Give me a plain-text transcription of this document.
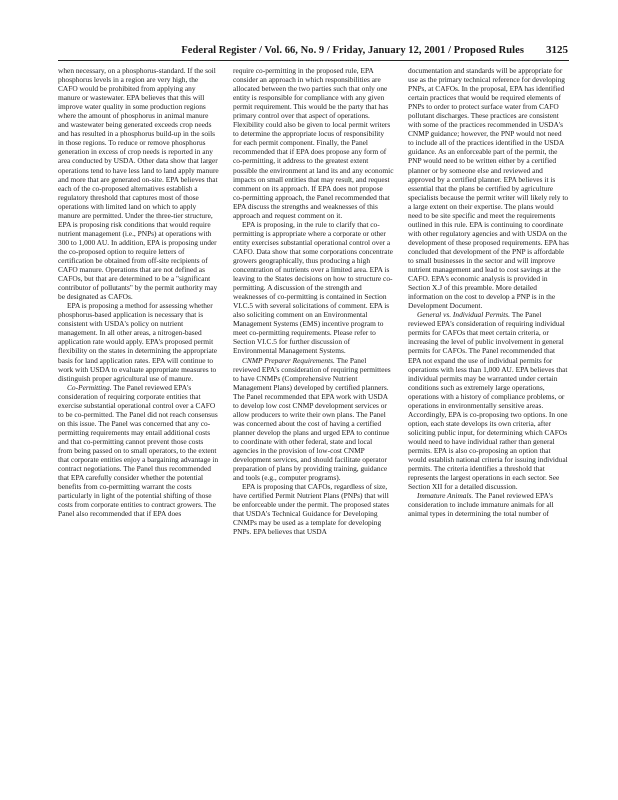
Federal Register / Vol. 66, No. 9 / Friday, January 12, 2001 / Proposed Rules 3125

when necessary, on a phosphorus-standard. If the soil phosphorus levels in a region are very high, the CAFO would be prohibited from applying any manure or wastewater. EPA believes that this will improve water quality in some production regions where the amount of phosphorus in animal manure and wastewater being generated exceeds crop needs and has resulted in a phosphorus build-up in the soils in those regions. To reduce or remove phosphorus generation in excess of crop needs is reported in any area conducted by USDA. Other data show that larger operations tend to have less land to land apply manure and more that are generated on-site. EPA believes that each of the co-proposed alternatives establish a regulatory threshold that captures most of those operations with limited land on which to apply manure are permitted. Under the three-tier structure, EPA is proposing risk conditions that would require nutrient management (i.e., PNPs) at operations with 300 to 1,000 AU. In addition, EPA is proposing under the co-proposed option to require letters of certification be obtained from off-site recipients of CAFO manure. Operations that are not defined as CAFOs, but that are determined to be a "significant contributor of pollutants" by the permit authority may be designated as CAFOs.

EPA is proposing a method for assessing whether phosphorus-based application is necessary that is consistent with USDA's policy on nutrient management. In all other areas, a nitrogen-based application rate would apply. EPA's proposed permit flexibility on the states in determining the appropriate basis for land application rates. EPA will continue to work with USDA to evaluate appropriate measures to distinguish proper agricultural use of manure.

Co-Permitting. The Panel reviewed EPA's consideration of requiring corporate entities that exercise substantial operational control over a CAFO to be co-permitted. The Panel did not reach consensus on this issue. The Panel was concerned that any co-permitting requirements may entail additional costs and that co-permitting cannot prevent those costs from being passed on to small operators, to the extent that corporate entities enjoy a bargaining advantage in contract negotiations. The Panel thus recommended that EPA carefully consider whether the potential benefits from co-permitting warrant the costs particularly in light of the potential shifting of those costs from corporate entities to contract growers. The Panel also recommended that if EPA does

require co-permitting in the proposed rule, EPA consider an approach in which responsibilities are allocated between the two parties such that only one entity is responsible for compliance with any given permit requirement. This would be the party that has primary control over that aspect of operations. Flexibility could also be given to local permit writers to determine the appropriate locus of responsibility for each permit component. Finally, the Panel recommended that if EPA does propose any form of co-permitting, it address to the greatest extent possible the environment at land its and any economic impacts on small entities that may result, and request comment on its approach. If EPA does not propose co-permitting approach, the Panel recommended that EPA discuss the strengths and weaknesses of this approach and request comment on it.

EPA is proposing, in the rule to clarify that co-permitting is appropriate where a corporate or other entity exercises substantial operational control over a CAFO. Data show that some corporations concentrate growers geographically, thus producing a high concentration of nutrients over a limited area. EPA is leaving to the States decisions on how to structure co-permitting. A discussion of the strength and weaknesses of co-permitting is contained in Section VI.C.5 with several solicitations of comment. EPA is also soliciting comment on an Environmental Management Systems (EMS) incentive program to meet co-permitting requirements. Please refer to Section VI.C.5 for further discussion of Environmental Management Systems.

CNMP Preparer Requirements. The Panel reviewed EPA's consideration of requiring permittees to have CNMPs (Comprehensive Nutrient Management Plans) developed by certified planners. The Panel recommended that EPA work with USDA to develop low cost CNMP development services or allow producers to write their own plans. The Panel was concerned about the cost of having a certified planner develop the plans and urged EPA to continue to coordinate with other federal, state and local agencies in the provision of low-cost CNMP development services, and should facilitate operator preparation of plans by providing training, guidance and tools (e.g., computer programs).

EPA is proposing that CAFOs, regardless of size, have certified Permit Nutrient Plans (PNPs) that will be enforceable under the permit. The proposed states that USDA's Technical Guidance for Developing CNMPs may be used as a template for developing PNPs. EPA believes that USDA

documentation and standards will be appropriate for use as the primary technical reference for developing PNPs, at CAFOs. In the proposal, EPA has identified certain practices that would be required elements of PNPs to order to protect surface water from CAFO pollutant discharges. These practices are consistent with some of the practices recommended in USDA's CNMP guidance; however, the PNP would not need to include all of the practices identified in the USDA guidance. As an enforceable part of the permit, the PNP would need to be written either by a certified planner or by someone else and reviewed and approved by a certified planner. EPA believes it is essential that the plans be certified by agriculture specialists because the permit writer will likely rely to a large extent on their expertise. The plans would need to be site specific and meet the requirements outlined in this rule. EPA is continuing to coordinate with other regulatory agencies and with USDA on the development of these proposed requirements. EPA has concluded that development of the PNP is affordable to small businesses in the sector and will improve nutrient management and lead to cost savings at the CAFO. EPA's economic analysis is provided in Section X.J of this preamble. More detailed information on the cost to develop a PNP is in the Development Document.

General vs. Individual Permits. The Panel reviewed EPA's consideration of requiring individual permits for CAFOs that meet certain criteria, or increasing the level of public involvement in general permits for CAFOs. The Panel recommended that EPA not expand the use of individual permits for operations with less than 1,000 AU. EPA believes that individual permits may be warranted under certain conditions such as extremely large operations, operations with a history of compliance problems, or operations in environmentally sensitive areas. Accordingly, EPA is co-proposing two options. In one option, each state develops its own criteria, after soliciting public input, for determining which CAFOs would need to have individual rather than general permits. EPA is also co-proposing an option that would establish national criteria for issuing individual permits. The criteria identifies a threshold that represents the largest operations in each sector. See Section XII for a detailed discussion.

Immature Animals. The Panel reviewed EPA's consideration to include immature animals for all animal types in determining the total number of
